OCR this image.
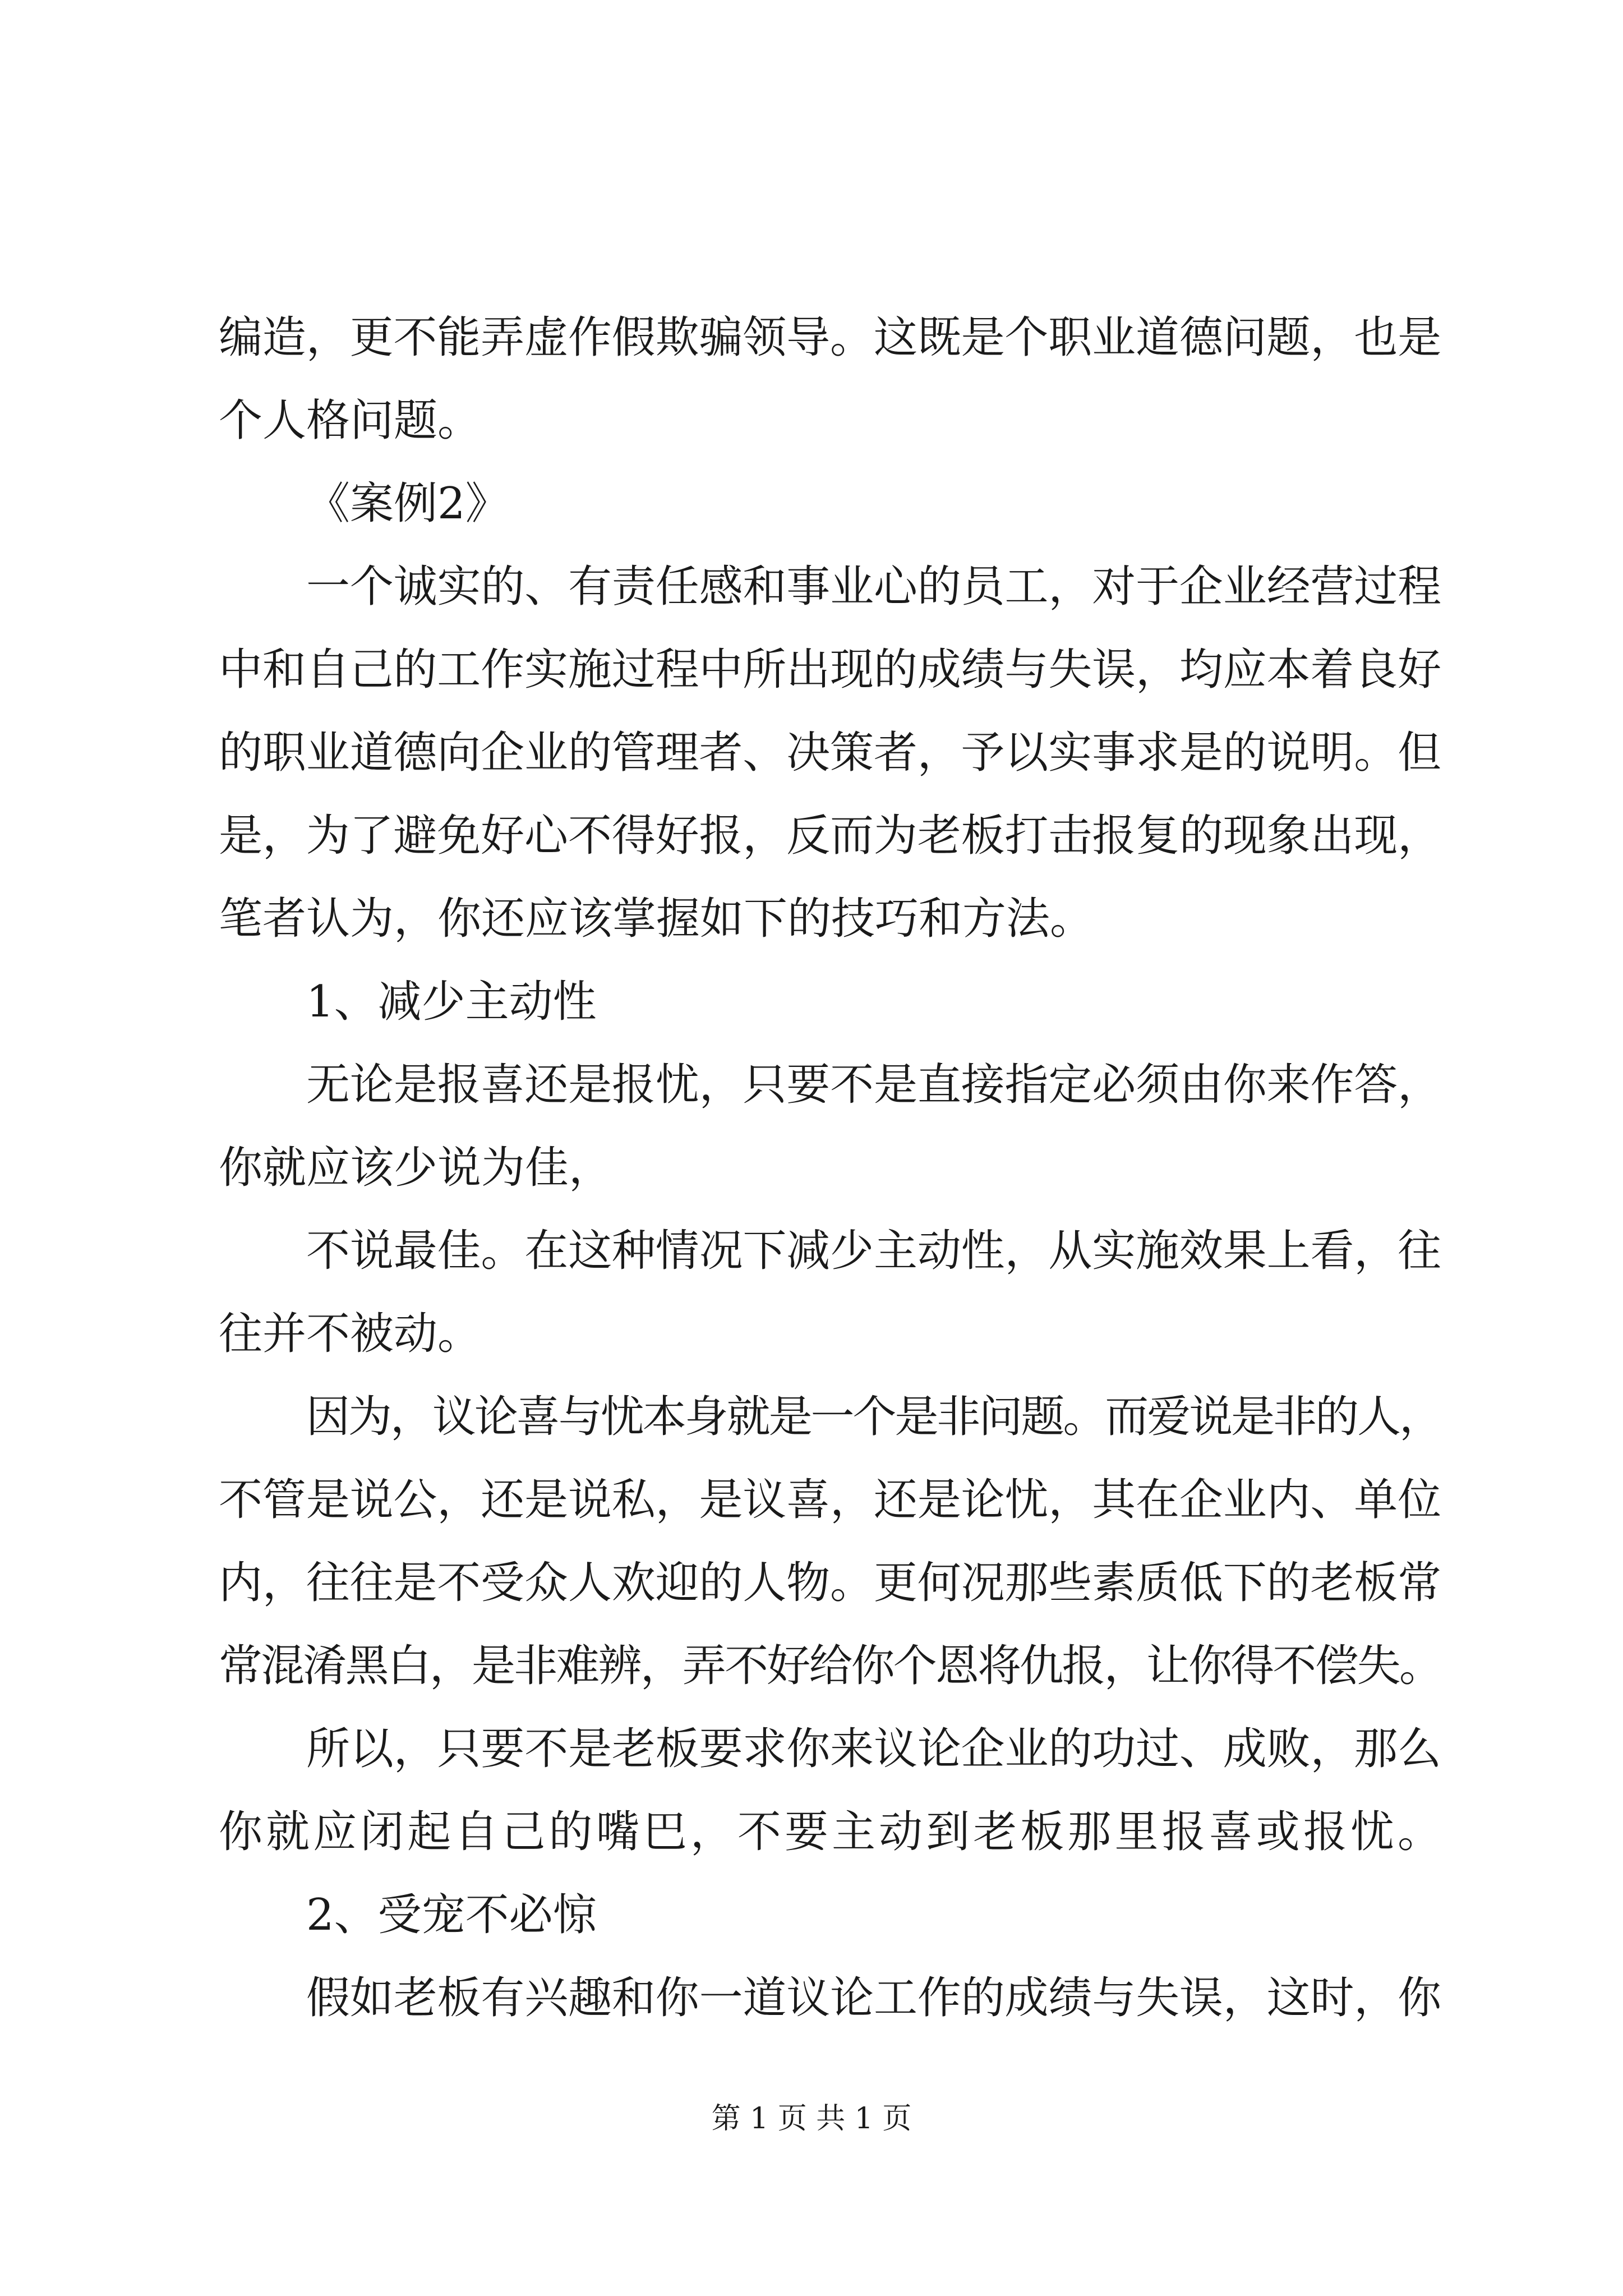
编造，更不能弄虚作假欺骗领导。这既是个职业道德问题，也是
个人格问题。
《案例2》
一个诚实的、有责任感和事业心的员工，对于企业经营过程
中和自己的工作实施过程中所出现的成绩与失误，均应本着良好
的职业道德向企业的管理者、决策者，予以实事求是的说明。但
是，为了避免好心不得好报，反而为老板打击报复的现象出现，
笔者认为，你还应该掌握如下的技巧和方法。
1、减少主动性
无论是报喜还是报忧，只要不是直接指定必须由你来作答，
你就应该少说为佳，
不说最佳。在这种情况下减少主动性，从实施效果上看，往
往并不被动。
因为，议论喜与忧本身就是一个是非问题。而爱说是非的人，
不管是说公，还是说私，是议喜，还是论忧，其在企业内、单位
内，往往是不受众人欢迎的人物。更何况那些素质低下的老板常
常混淆黑白，是非难辨，弄不好给你个恩将仇报，让你得不偿失。
所以，只要不是老板要求你来议论企业的功过、成败，那么
你就应闭起自己的嘴巴，不要主动到老板那里报喜或报忧。
2、受宠不必惊
假如老板有兴趣和你一道议论工作的成绩与失误，这时，你
第 1 页 共 1 页
